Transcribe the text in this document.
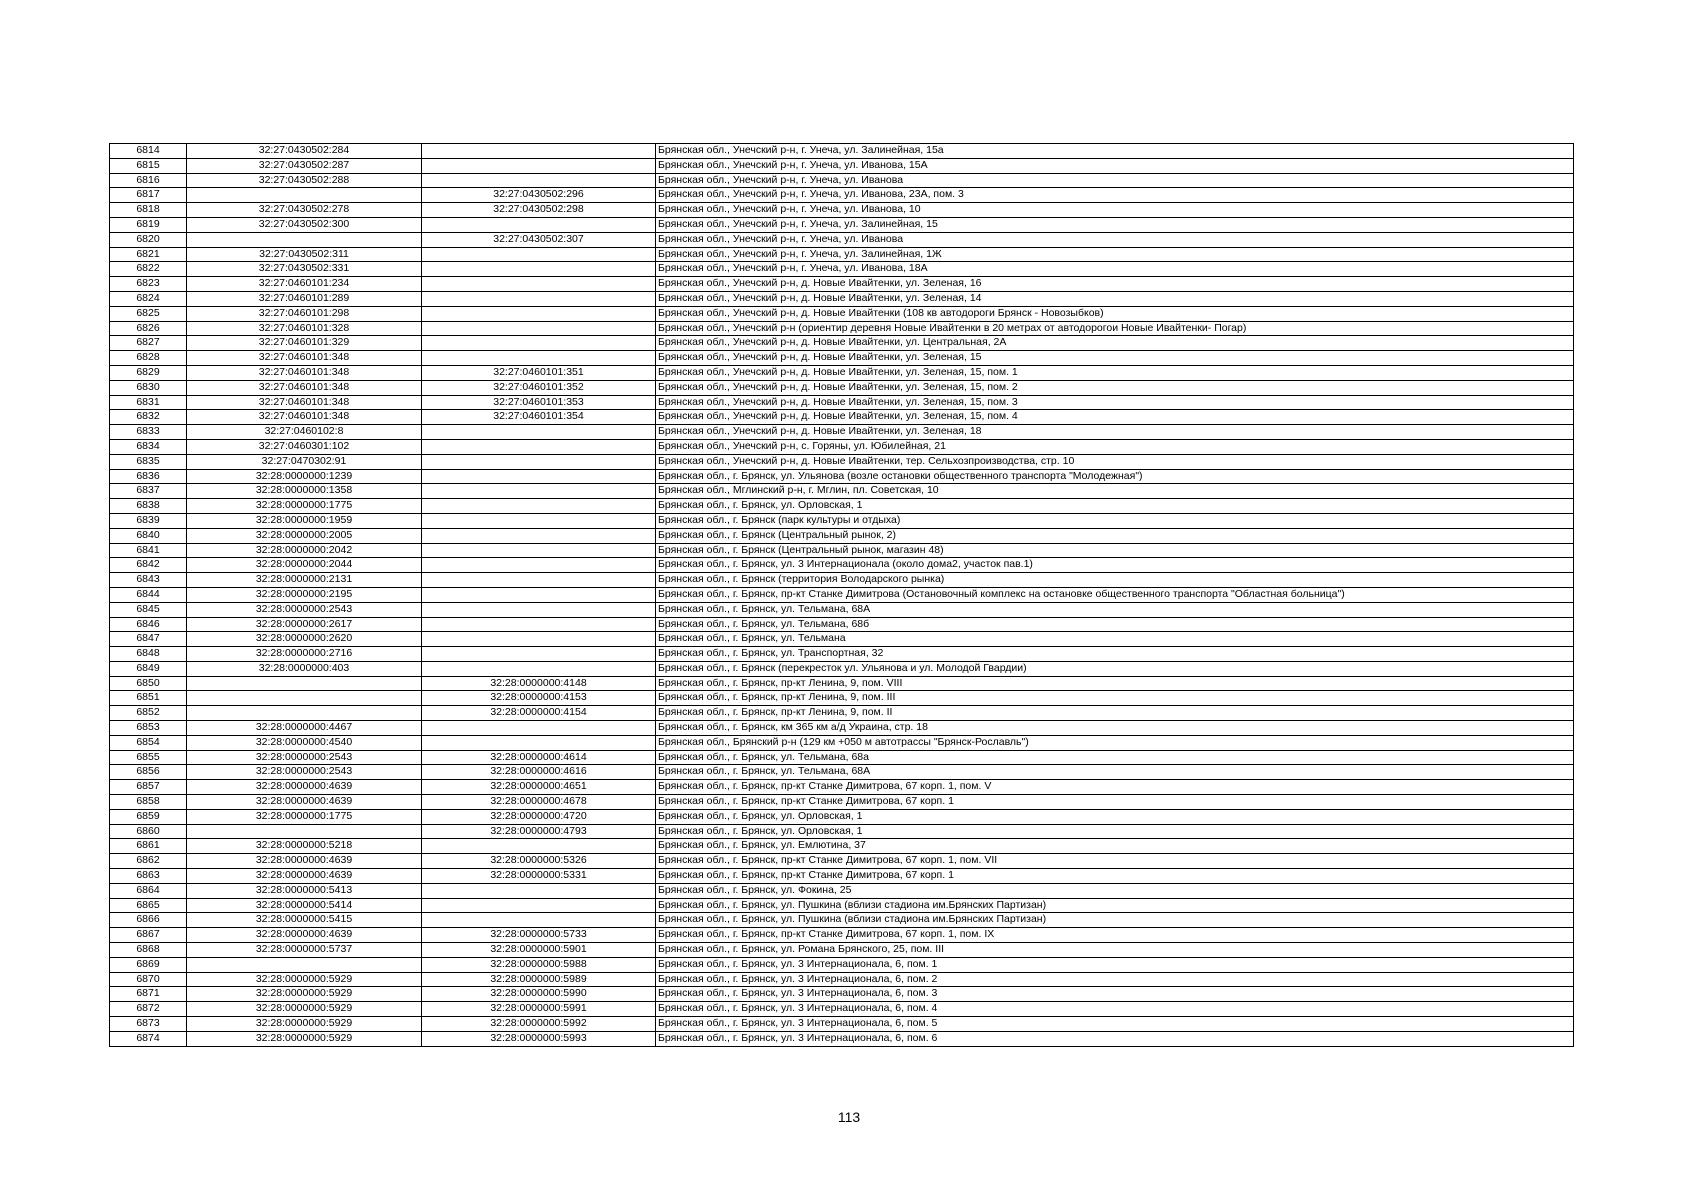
6814	32:27:0430502:284		Брянская обл., Унечский р-н, г. Унеча, ул. Залинейная, 15а
6815	32:27:0430502:287		Брянская обл., Унечский р-н, г. Унеча, ул. Иванова, 15А
6816	32:27:0430502:288		Брянская обл., Унечский р-н, г. Унеча, ул. Иванова
6817		32:27:0430502:296	Брянская обл., Унечский р-н, г. Унеча, ул. Иванова, 23А, пом. 3
6818	32:27:0430502:278	32:27:0430502:298	Брянская обл., Унечский р-н, г. Унеча, ул. Иванова, 10
6819	32:27:0430502:300		Брянская обл., Унечский р-н, г. Унеча, ул. Залинейная, 15
6820		32:27:0430502:307	Брянская обл., Унечский р-н, г. Унеча, ул. Иванова
6821	32:27:0430502:311		Брянская обл., Унечский р-н, г. Унеча, ул. Залинейная, 1Ж
6822	32:27:0430502:331		Брянская обл., Унечский р-н, г. Унеча, ул. Иванова, 18А
6823	32:27:0460101:234		Брянская обл., Унечский р-н, д. Новые Ивайтенки, ул. Зеленая, 16
6824	32:27:0460101:289		Брянская обл., Унечский р-н, д. Новые Ивайтенки, ул. Зеленая, 14
6825	32:27:0460101:298		Брянская обл., Унечский р-н, д. Новые Ивайтенки (108 кв автодороги Брянск - Новозыбков)
6826	32:27:0460101:328		Брянская обл., Унечский р-н (ориентир деревня Новые Ивайтенки в 20 метрах от автодорогои Новые Ивайтенки- Погар)
6827	32:27:0460101:329		Брянская обл., Унечский р-н, д. Новые Ивайтенки, ул. Центральная, 2А
6828	32:27:0460101:348		Брянская обл., Унечский р-н, д. Новые Ивайтенки, ул. Зеленая, 15
6829	32:27:0460101:348	32:27:0460101:351	Брянская обл., Унечский р-н, д. Новые Ивайтенки, ул. Зеленая, 15, пом. 1
6830	32:27:0460101:348	32:27:0460101:352	Брянская обл., Унечский р-н, д. Новые Ивайтенки, ул. Зеленая, 15, пом. 2
6831	32:27:0460101:348	32:27:0460101:353	Брянская обл., Унечский р-н, д. Новые Ивайтенки, ул. Зеленая, 15, пом. 3
6832	32:27:0460101:348	32:27:0460101:354	Брянская обл., Унечский р-н, д. Новые Ивайтенки, ул. Зеленая, 15, пом. 4
6833	32:27:0460102:8		Брянская обл., Унечский р-н, д. Новые Ивайтенки, ул. Зеленая, 18
6834	32:27:0460301:102		Брянская обл., Унечский р-н, с. Горяны, ул. Юбилейная, 21
6835	32:27:0470302:91		Брянская обл., Унечский р-н, д. Новые Ивайтенки, тер. Сельхозпроизводства, стр. 10
6836	32:28:0000000:1239		Брянская обл., г. Брянск, ул. Ульянова (возле остановки общественного транспорта "Молодежная")
6837	32:28:0000000:1358		Брянская обл., Мглинский р-н, г. Мглин, пл. Советская, 10
6838	32:28:0000000:1775		Брянская обл., г. Брянск, ул. Орловская, 1
6839	32:28:0000000:1959		Брянская обл., г. Брянск (парк культуры и отдыха)
6840	32:28:0000000:2005		Брянская обл., г. Брянск (Центральный рынок, 2)
6841	32:28:0000000:2042		Брянская обл., г. Брянск (Центральный рынок, магазин 48)
6842	32:28:0000000:2044		Брянская обл., г. Брянск, ул. 3 Интернационала (около дома2, участок пав.1)
6843	32:28:0000000:2131		Брянская обл., г. Брянск (территория Володарского рынка)
6844	32:28:0000000:2195		Брянская обл., г. Брянск, пр-кт Станке Димитрова (Остановочный комплекс на остановке общественного транспорта "Областная больница")
6845	32:28:0000000:2543		Брянская обл., г. Брянск, ул. Тельмана, 68А
6846	32:28:0000000:2617		Брянская обл., г. Брянск, ул. Тельмана, 68б
6847	32:28:0000000:2620		Брянская обл., г. Брянск, ул. Тельмана
6848	32:28:0000000:2716		Брянская обл., г. Брянск, ул. Транспортная, 32
6849	32:28:0000000:403		Брянская обл., г. Брянск (перекресток ул. Ульянова и ул. Молодой Гвардии)
6850		32:28:0000000:4148	Брянская обл., г. Брянск, пр-кт Ленина, 9, пом. VIII
6851		32:28:0000000:4153	Брянская обл., г. Брянск, пр-кт Ленина, 9, пом. III
6852		32:28:0000000:4154	Брянская обл., г. Брянск, пр-кт Ленина, 9, пом. II
6853	32:28:0000000:4467		Брянская обл., г. Брянск, км 365 км а/д Украина, стр. 18
6854	32:28:0000000:4540		Брянская обл., Брянский р-н (129 км +050 м автотрассы "Брянск-Рославль")
6855	32:28:0000000:2543	32:28:0000000:4614	Брянская обл., г. Брянск, ул. Тельмана, 68а
6856	32:28:0000000:2543	32:28:0000000:4616	Брянская обл., г. Брянск, ул. Тельмана, 68А
6857	32:28:0000000:4639	32:28:0000000:4651	Брянская обл., г. Брянск, пр-кт Станке Димитрова, 67 корп. 1, пом. V
6858	32:28:0000000:4639	32:28:0000000:4678	Брянская обл., г. Брянск, пр-кт Станке Димитрова, 67 корп. 1
6859	32:28:0000000:1775	32:28:0000000:4720	Брянская обл., г. Брянск, ул. Орловская, 1
6860		32:28:0000000:4793	Брянская обл., г. Брянск, ул. Орловская, 1
6861	32:28:0000000:5218		Брянская обл., г. Брянск, ул. Емлютина, 37
6862	32:28:0000000:4639	32:28:0000000:5326	Брянская обл., г. Брянск, пр-кт Станке Димитрова, 67 корп. 1, пом. VII
6863	32:28:0000000:4639	32:28:0000000:5331	Брянская обл., г. Брянск, пр-кт Станке Димитрова, 67 корп. 1
6864	32:28:0000000:5413		Брянская обл., г. Брянск, ул. Фокина, 25
6865	32:28:0000000:5414		Брянская обл., г. Брянск, ул. Пушкина (вблизи стадиона им.Брянских Партизан)
6866	32:28:0000000:5415		Брянская обл., г. Брянск, ул. Пушкина (вблизи стадиона им.Брянских Партизан)
6867	32:28:0000000:4639	32:28:0000000:5733	Брянская обл., г. Брянск, пр-кт Станке Димитрова, 67 корп. 1, пом. IX
6868	32:28:0000000:5737	32:28:0000000:5901	Брянская обл., г. Брянск, ул. Романа Брянского, 25, пом. III
6869		32:28:0000000:5988	Брянская обл., г. Брянск, ул. 3 Интернационала, 6, пом. 1
6870	32:28:0000000:5929	32:28:0000000:5989	Брянская обл., г. Брянск, ул. 3 Интернационала, 6, пом. 2
6871	32:28:0000000:5929	32:28:0000000:5990	Брянская обл., г. Брянск, ул. 3 Интернационала, 6, пом. 3
6872	32:28:0000000:5929	32:28:0000000:5991	Брянская обл., г. Брянск, ул. 3 Интернационала, 6, пом. 4
6873	32:28:0000000:5929	32:28:0000000:5992	Брянская обл., г. Брянск, ул. 3 Интернационала, 6, пом. 5
6874	32:28:0000000:5929	32:28:0000000:5993	Брянская обл., г. Брянск, ул. 3 Интернационала, 6, пом. 6
113
